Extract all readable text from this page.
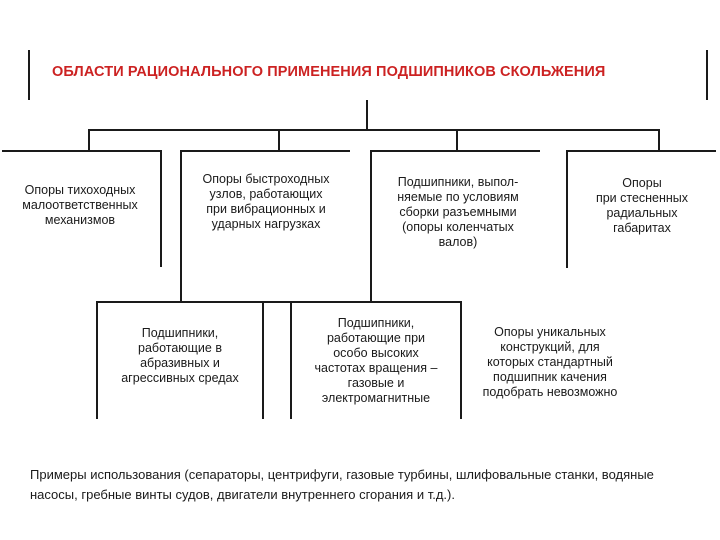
ОБЛАСТИ РАЦИОНАЛЬНОГО ПРИМЕНЕНИЯ ПОДШИПНИКОВ СКОЛЬЖЕНИЯ
Опоры тихоходных
малоответственных
механизмов
Опоры быстроходных
узлов, работающих
при вибрационных и
ударных нагрузках
Подшипники, выпол-
няемые по условиям
сборки разъемными
(опоры коленчатых
валов)
Опоры
при стесненных
радиальных
габаритах
Подшипники,
работающие в
абразивных и
агрессивных средах
Подшипники,
работающие при
особо высоких
частотах вращения –
газовые и
электромагнитные
Опоры уникальных
конструкций, для
которых стандартный
подшипник качения
подобрать невозможно
Примеры использования (сепараторы, центрифуги, газовые турбины, шлифовальные станки, водяные насосы, гребные винты судов, двигатели внутреннего сгорания и т.д.).
